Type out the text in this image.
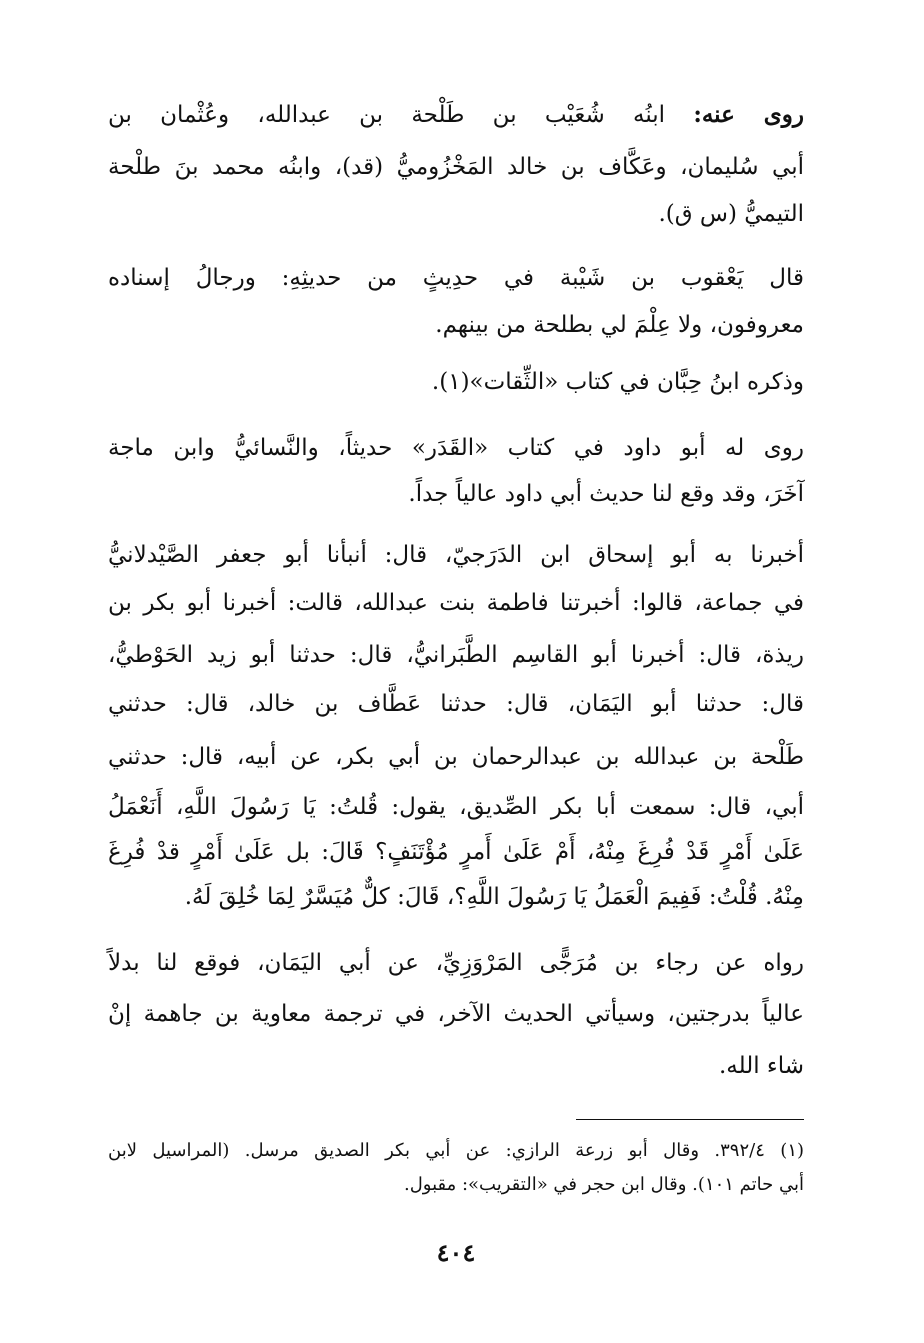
روى عنه: ابنُه شُعَيْب بن طَلْحة بن عبدالله، وعُثْمان بن
أبي سُليمان، وعَكَّاف بن خالد المَخْزُوميُّ (قد)، وابنُه محمد بنَ طلْحة
التيميُّ (س ق).
قال يَعْقوب بن شَيْبة في حدِيثٍ من حديثِهِ: ورجالُ إسناده
معروفون، ولا عِلْمَ لي بطلحة من بينهم.
وذكره ابنُ حِبَّان في كتاب «الثِّقات»(١).
روى له أبو داود في كتاب «القَدَر» حديثاً، والنَّسائيُّ وابن ماجة
آخَرَ، وقد وقع لنا حديث أبي داود عالياً جداً.
أخبرنا به أبو إسحاق ابن الدَرَجيّ، قال: أنبأنا أبو جعفر الصَّيْدلانيُّ
في جماعة، قالوا: أخبرتنا فاطمة بنت عبدالله، قالت: أخبرنا أبو بكر بن
ريذة، قال: أخبرنا أبو القاسِم الطَّبَرانيُّ، قال: حدثنا أبو زيد الحَوْطيُّ،
قال: حدثنا أبو اليَمَان، قال: حدثنا عَطَّاف بن خالد، قال: حدثني
طَلْحة بن عبدالله بن عبدالرحمان بن أبي بكر، عن أبيه، قال: حدثني
أبي، قال: سمعت أبا بكر الصِّديق، يقول: قُلتُ: يَا رَسُولَ اللَّهِ، أَنَعْمَلُ
عَلَىٰ أَمْرٍ قَدْ فُرِغَ مِنْهُ، أَمْ عَلَىٰ أَمرٍ مُؤْتَنَفٍ؟ قَالَ: بل عَلَىٰ أَمْرٍ قدْ فُرِغَ
مِنْهُ. قُلْتُ: فَفِيمَ الْعَمَلُ يَا رَسُولَ اللَّهِ؟، قَالَ: كلٌّ مُيَسَّرٌ لِمَا خُلِقَ لَهُ.
رواه عن رجاء بن مُرَجًّى المَرْوَزِيِّ، عن أبي اليَمَان، فوقع لنا بدلاً
عالياً بدرجتين، وسيأتي الحديث الآخر، في ترجمة معاوية بن جاهمة إنْ
شاء الله.
(١) ٣٩٢/٤. وقال أبو زرعة الرازي: عن أبي بكر الصديق مرسل. (المراسيل لابن
أبي حاتم ١٠١). وقال ابن حجر في «التقريب»: مقبول.
٤٠٤
